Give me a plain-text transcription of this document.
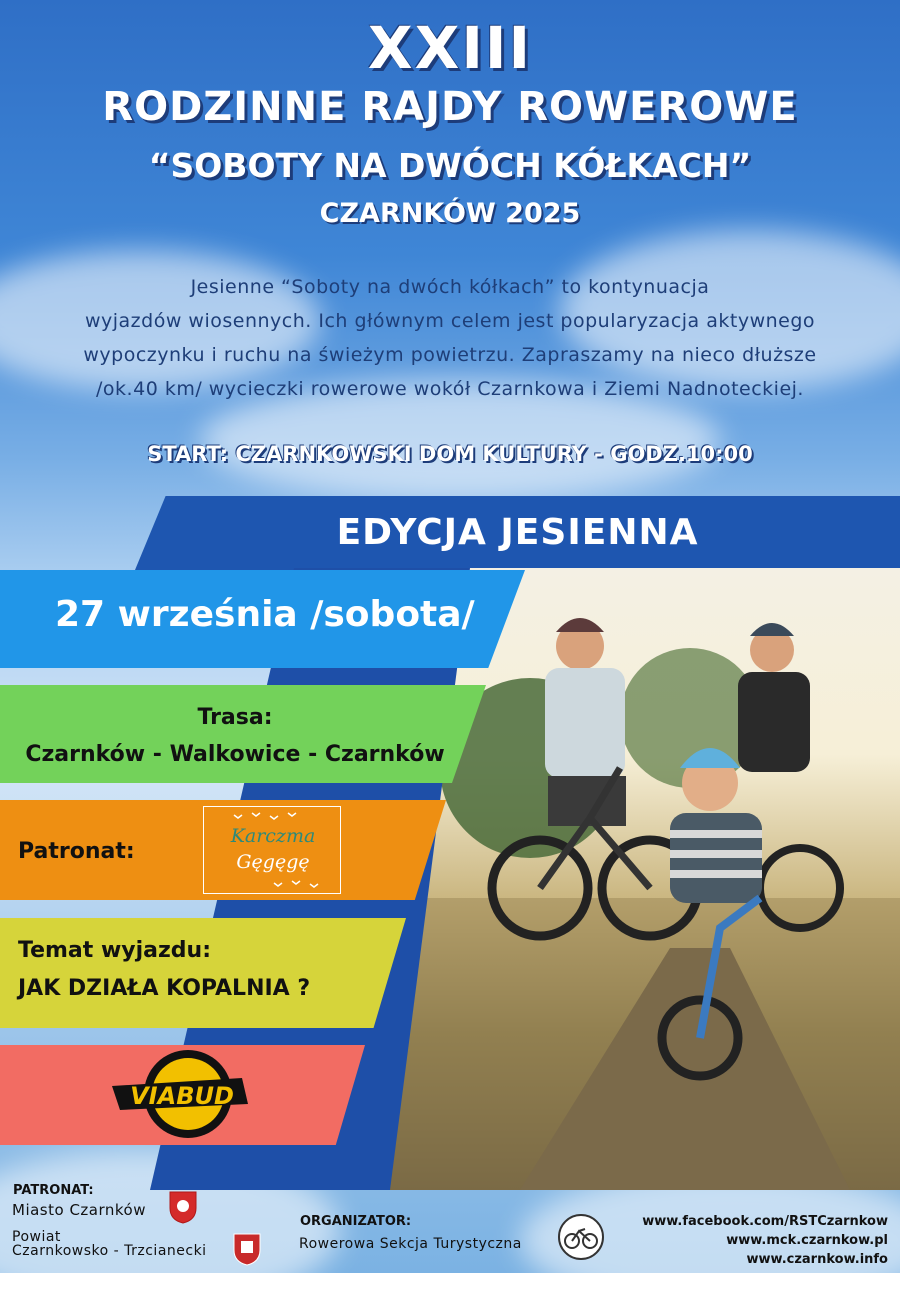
XXIII
RODZINNE RAJDY ROWEROWE
“SOBOTY NA DWÓCH KÓŁKACH”
CZARNKÓW 2025
Jesienne “Soboty na dwóch kółkach” to kontynuacja
wyjazdów wiosennych. Ich głównym celem jest popularyzacja aktywnego
wypoczynku i ruchu na świeżym powietrzu. Zapraszamy na nieco dłuższe
/ok.40 km/ wycieczki rowerowe wokół Czarnkowa i Ziemi Nadnoteckiej.
START: CZARNKOWSKI DOM KULTURY - GODZ.10:00
EDYCJA JESIENNA
27 września /sobota/
Trasa:
Czarnków - Walkowice - Czarnków
Patronat:
Karczma
Gęgęgę
Temat wyjazdu:
JAK DZIAŁA KOPALNIA ?
VIABUD
PATRONAT:
Miasto Czarnków
Powiat
Czarnkowsko - Trzcianecki
ORGANIZATOR:
Rowerowa Sekcja Turystyczna
www.facebook.com/RSTCzarnkow
www.mck.czarnkow.pl
www.czarnkow.info
